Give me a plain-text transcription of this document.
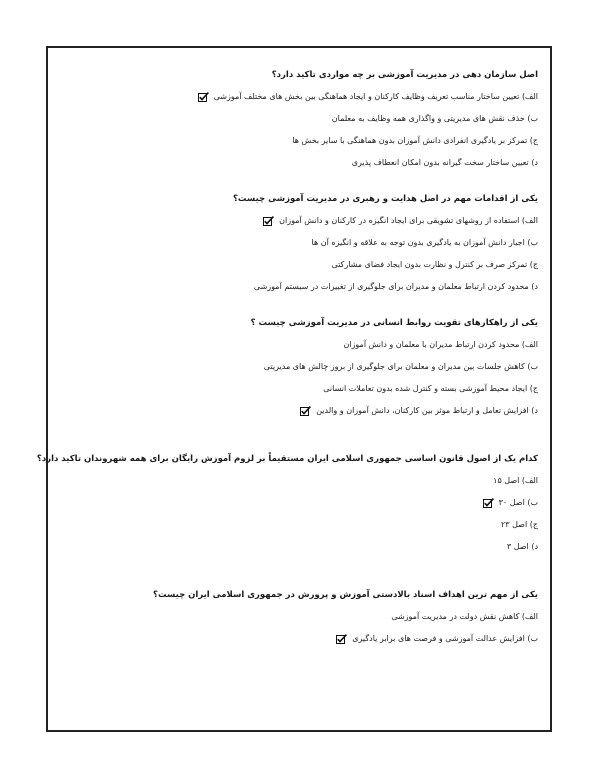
اصل سازمان دهی در مدیریت آموزشی بر چه مواردی تاکید دارد؟
الف) تعیین ساختار مناسب تعریف وظایف کارکنان و ایجاد هماهنگی بین بخش های مختلف آموزشی
ب) حذف نقش های مدیریتی و واگذاری همه وظایف به معلمان
ج) تمرکز بر یادگیری انفرادی دانش آموزان بدون هماهنگی با سایر بخش ها
د) تعیین ساختار سخت گیرانه بدون امکان انعطاف پذیری
یکی از اقدامات مهم در اصل هدایت و رهبری در مدیریت آموزشی چیست؟
الف) استفاده از روشهای تشویقی برای ایجاد انگیزه در کارکنان و دانش آموزان
ب) اجبار دانش آموزان به یادگیری بدون توجه به علاقه و انگیزه آن ها
ج) تمرکز صرف بر کنترل و نظارت بدون ایجاد فضای مشارکتی
د) محدود کردن ارتباط معلمان و مدیران برای جلوگیری از تغییرات در سیستم آموزشی
یکی از راهکارهای تقویت روابط انسانی در مدیریت آموزشی چیست ؟
الف) محدود کردن ارتباط مدیران با معلمان و دانش آموزان
ب) کاهش جلسات بین مدیران و معلمان برای جلوگیری از بروز چالش های مدیریتی
ج) ایجاد محیط آموزشی بسته و کنترل شده بدون تعاملات انسانی
د) افزایش تعامل و ارتباط موثر بین کارکنان، دانش آموزان و والدین
کدام یک از اصول قانون اساسی جمهوری اسلامی ایران مستقیماً بر لزوم آموزش رایگان برای همه شهروندان تاکید دارد؟
الف) اصل ۱۵
ب) اصل ۳۰
ج) اصل ۲۳
د) اصل ۳
یکی از مهم ترین اهداف اسناد بالادستی آموزش و پرورش در جمهوری اسلامی ایران چیست؟
الف) کاهش نقش دولت در مدیریت آموزشی
ب) افزایش عدالت آموزشی و فرصت های برابر یادگیری
